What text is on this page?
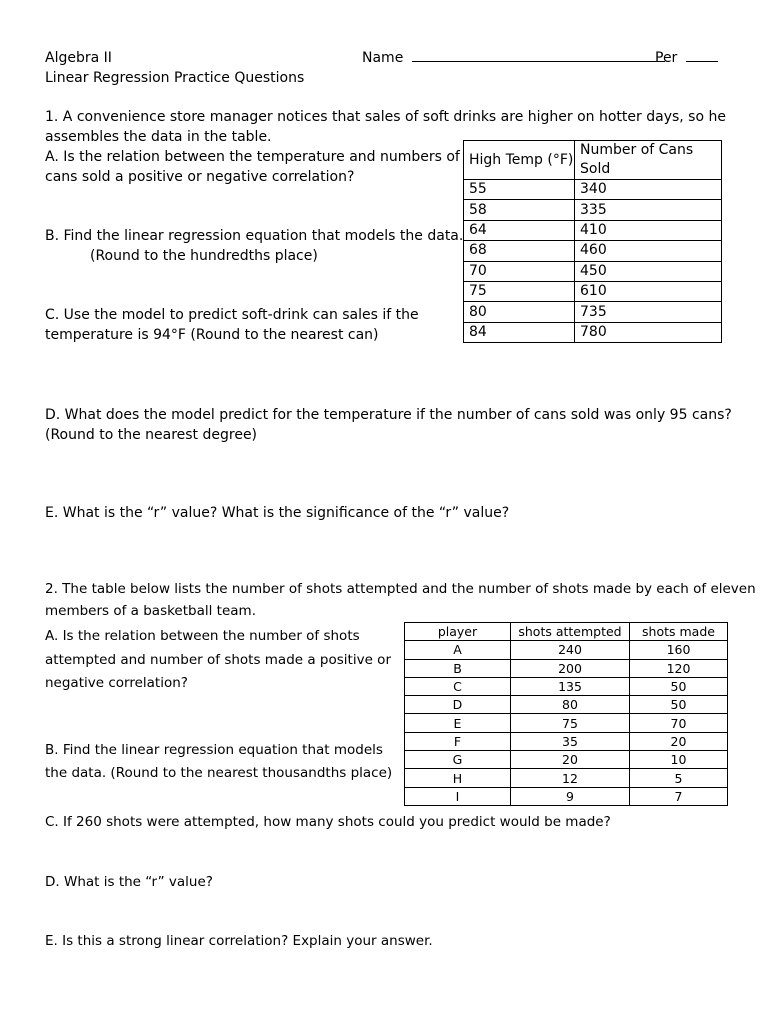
Algebra II
Linear Regression Practice Questions
Name	Per
1. A convenience store manager notices that sales of soft drinks are higher on hotter days, so he
assembles the data in the table.
A. Is the relation between the temperature and numbers of
cans sold a positive or negative correlation?
B. Find the linear regression equation that models the data.
(Round to the hundredths place)
C. Use the model to predict soft-drink can sales if the
temperature is 94°F (Round to the nearest can)
D. What does the model predict for the temperature if the number of cans sold was only 95 cans?
(Round to the nearest degree)
E. What is the “r” value? What is the significance of the “r” value?
High Temp (°F)	Number of Cans Sold
55	340
58	335
64	410
68	460
70	450
75	610
80	735
84	780
2. The table below lists the number of shots attempted and the number of shots made by each of eleven
members of a basketball team.
A. Is the relation between the number of shots
attempted and number of shots made a positive or
negative correlation?
B. Find the linear regression equation that models
the data. (Round to the nearest thousandths place)
C. If 260 shots were attempted, how many shots could you predict would be made?
D. What is the “r” value?
E. Is this a strong linear correlation? Explain your answer.
player	shots attempted	shots made
A	240	160
B	200	120
C	135	50
D	80	50
E	75	70
F	35	20
G	20	10
H	12	5
I	9	7
